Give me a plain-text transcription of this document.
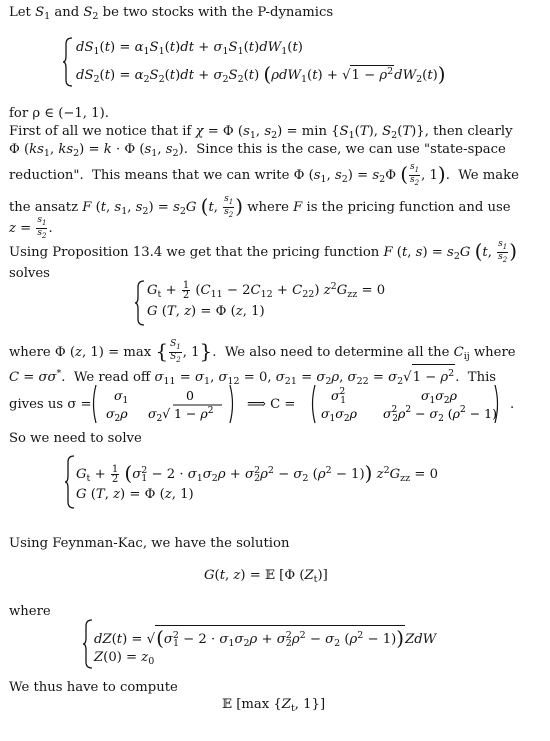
Let $S_1$ and $S_2$ be two stocks with the P-dynamics
$dS_1(t) = \alpha_1S_1(t)dt + \sigma_1S_1(t)dW_1(t)$
$dS_2(t) = \alpha_2S_2(t)dt + \sigma_2S_2(t) (\rho dW_1(t) + √1 - \rho^2dW_2(t))$
for ρ ∈ (−1, 1).
First of all we notice that if χ = Φ ($s_1$, $s_2) = \min \{S_1(T)$, $S_2(T)$}, then clearly
Φ ($ks_1$, $ks_2) = k \cdot \Phi$ ($s_1$, $s_2$).  Since this is the case, we can use "state-space
reduction".  This means that we can write Φ ($s_1$, $s_2) = s_2\Phi$ ( $\frac{s_1}{s_2}$ , 1).  We make
the ansatz F (t, $s_1$, $s_2) = s_2G$ (t, $\frac{s_1}{s_2}$ ) where F is the pricing function and use
$z = \frac{s_1}{s_2}$ .
Using Proposition 13.4 we get that the pricing function F (t, $s) = s_2G$ (t, $\frac{s_1}{s_2}$ )
solves
$G_t + \frac{1}{2} (C_{11} - 2C_{12} + C_{22}) z^2G_{zz} = 0$
G (T, z) = Φ (z, 1)
where Φ (z, 1) = max { $\frac{S_1}{S_2}$ , 1}.  We also need to determine all the $C_{ij}$ where
C = σσ*.  We read off $\sigma_{11} = \sigma_1$, $\sigma_{12} = 0$, $\sigma_{21} = \sigma_2\rho$, $\sigma_{22} = \sigma_2√1 - \rho^2$.  This
gives us σ =
$\sigma_1$	0
$\sigma_2\rho$ $\sigma_2√$ $1 - \rho^2$	⟹ C =
$\sigma^2$ 1	$\sigma_1\sigma_2\rho$
$\sigma_1\sigma_2\rho$ $\sigma^2$ $2\rho^2 - \sigma_2$ $(\rho^2 - 1)$
.
So we need to solve
$G_t + \frac{1}{2} (\sigma^2_1 - 2 \cdot \sigma_1\sigma_2\rho + \sigma^2_2\rho^2 - \sigma_2$ $(\rho^2 - 1)$) $z^2G_{zz} = 0$
G (T, z) = Φ (z, 1)
Using Feynman-Kac, we have the solution
G(t, z) = 𝔼 [Φ $(Z_t)$]
where
$dZ(t) = √(\sigma^2_1 - 2 \cdot \sigma_1\sigma_2\rho + \sigma^2_2\rho^2 - \sigma_2$ $(\rho^2 - 1))ZdW$
$Z(0) = z_0$
We thus have to compute
𝔼 [max {$Z_t$, 1}]
